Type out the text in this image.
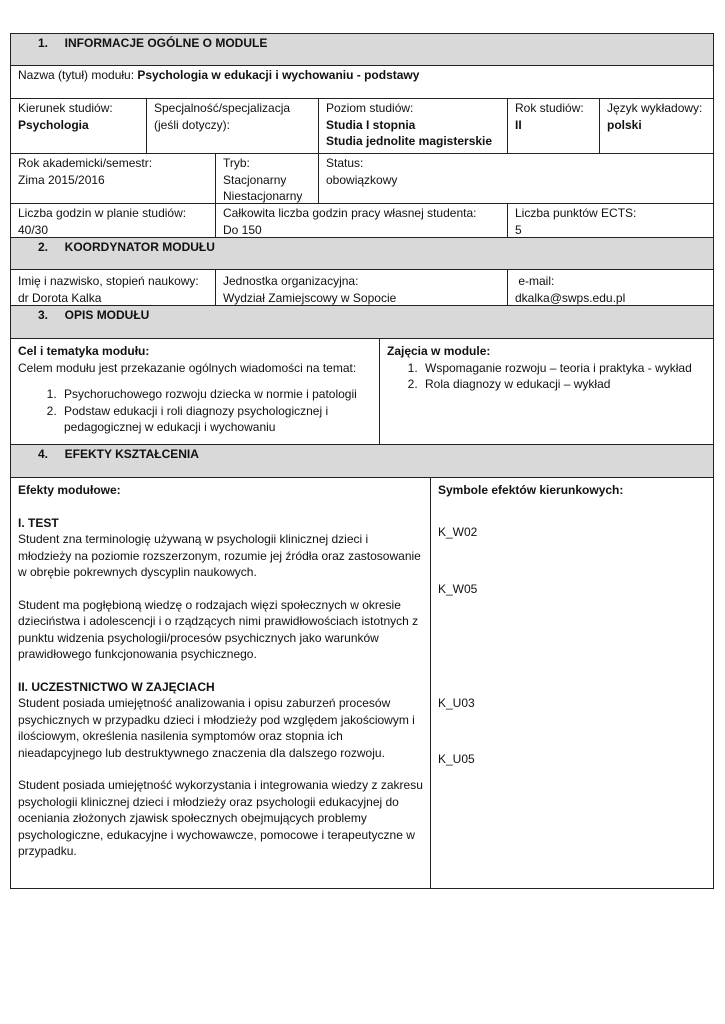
1.     INFORMACJE OGÓLNE O MODULE
Nazwa (tytuł) modułu: Psychologia w edukacji i wychowaniu - podstawy
Kierunek studiów:
Psychologia
Specjalność/specjalizacja
(jeśli dotyczy):
Poziom studiów:
Studia I stopnia
Studia jednolite magisterskie
Rok studiów:
II
Język wykładowy:
polski
Rok akademicki/semestr:
Zima 2015/2016
Tryb:
Stacjonarny
Niestacjonarny
Status:
obowiązkowy
Liczba godzin w planie studiów:
40/30
Całkowita liczba godzin pracy własnej studenta:
Do 150
Liczba punktów ECTS:
5
2.     KOORDYNATOR MODUŁU
Imię i nazwisko, stopień naukowy:
dr Dorota Kalka
Jednostka organizacyjna:
Wydział Zamiejscowy w Sopocie
e-mail:
dkalka@swps.edu.pl
3.     OPIS MODUŁU
Cel i tematyka modułu:
Celem modułu jest przekazanie ogólnych wiadomości na temat:
1. Psychoruchowego rozwoju dziecka w normie i patologii
2. Podstaw edukacji i roli diagnozy psychologicznej i pedagogicznej w edukacji i wychowaniu
Zajęcia w module:
1. Wspomaganie rozwoju – teoria i praktyka - wykład
2. Rola diagnozy w edukacji – wykład
4.     EFEKTY KSZTAŁCENIA
Efekty modułowe:
I. TEST
Student zna terminologię używaną w psychologii klinicznej dzieci i młodzieży na poziomie rozszerzonym, rozumie jej źródła oraz zastosowanie w obrębie pokrewnych dyscyplin naukowych.
Student ma pogłębioną wiedzę o rodzajach więzi społecznych w okresie dzieciństwa i adolescencji i o rządzących nimi prawidłowościach istotnych z punktu widzenia psychologii/procesów psychicznych jako warunków prawidłowego funkcjonowania psychicznego.
II. UCZESTNICTWO W ZAJĘCIACH
Student posiada umiejętność analizowania i opisu zaburzeń procesów psychicznych w przypadku dzieci i młodzieży pod względem jakościowym i ilościowym, określenia nasilenia symptomów oraz stopnia ich nieadapcyjnego lub destruktywnego znaczenia dla dalszego rozwoju.
Student posiada umiejętność wykorzystania i integrowania wiedzy z zakresu psychologii klinicznej dzieci i młodzieży oraz psychologii edukacyjnej do oceniania złożonych zjawisk społecznych obejmujących problemy psychologiczne, edukacyjne i wychowawcze, pomocowe i terapeutyczne w przypadku.
Symbole efektów kierunkowych:
K_W02
K_W05
K_U03
K_U05
